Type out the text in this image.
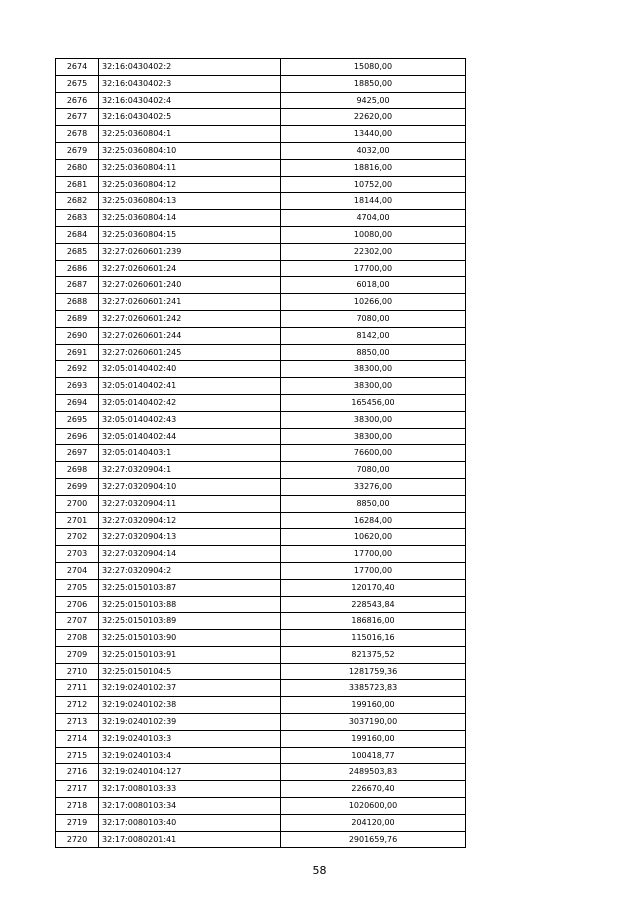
2674	32:16:0430402:2	15080,00
2675	32:16:0430402:3	18850,00
2676	32:16:0430402:4	9425,00
2677	32:16:0430402:5	22620,00
2678	32:25:0360804:1	13440,00
2679	32:25:0360804:10	4032,00
2680	32:25:0360804:11	18816,00
2681	32:25:0360804:12	10752,00
2682	32:25:0360804:13	18144,00
2683	32:25:0360804:14	4704,00
2684	32:25:0360804:15	10080,00
2685	32:27:0260601:239	22302,00
2686	32:27:0260601:24	17700,00
2687	32:27:0260601:240	6018,00
2688	32:27:0260601:241	10266,00
2689	32:27:0260601:242	7080,00
2690	32:27:0260601:244	8142,00
2691	32:27:0260601:245	8850,00
2692	32:05:0140402:40	38300,00
2693	32:05:0140402:41	38300,00
2694	32:05:0140402:42	165456,00
2695	32:05:0140402:43	38300,00
2696	32:05:0140402:44	38300,00
2697	32:05:0140403:1	76600,00
2698	32:27:0320904:1	7080,00
2699	32:27:0320904:10	33276,00
2700	32:27:0320904:11	8850,00
2701	32:27:0320904:12	16284,00
2702	32:27:0320904:13	10620,00
2703	32:27:0320904:14	17700,00
2704	32:27:0320904:2	17700,00
2705	32:25:0150103:87	120170,40
2706	32:25:0150103:88	228543,84
2707	32:25:0150103:89	186816,00
2708	32:25:0150103:90	115016,16
2709	32:25:0150103:91	821375,52
2710	32:25:0150104:5	1281759,36
2711	32:19:0240102:37	3385723,83
2712	32:19:0240102:38	199160,00
2713	32:19:0240102:39	3037190,00
2714	32:19:0240103:3	199160,00
2715	32:19:0240103:4	100418,77
2716	32:19:0240104:127	2489503,83
2717	32:17:0080103:33	226670,40
2718	32:17:0080103:34	1020600,00
2719	32:17:0080103:40	204120,00
2720	32:17:0080201:41	2901659,76
58
